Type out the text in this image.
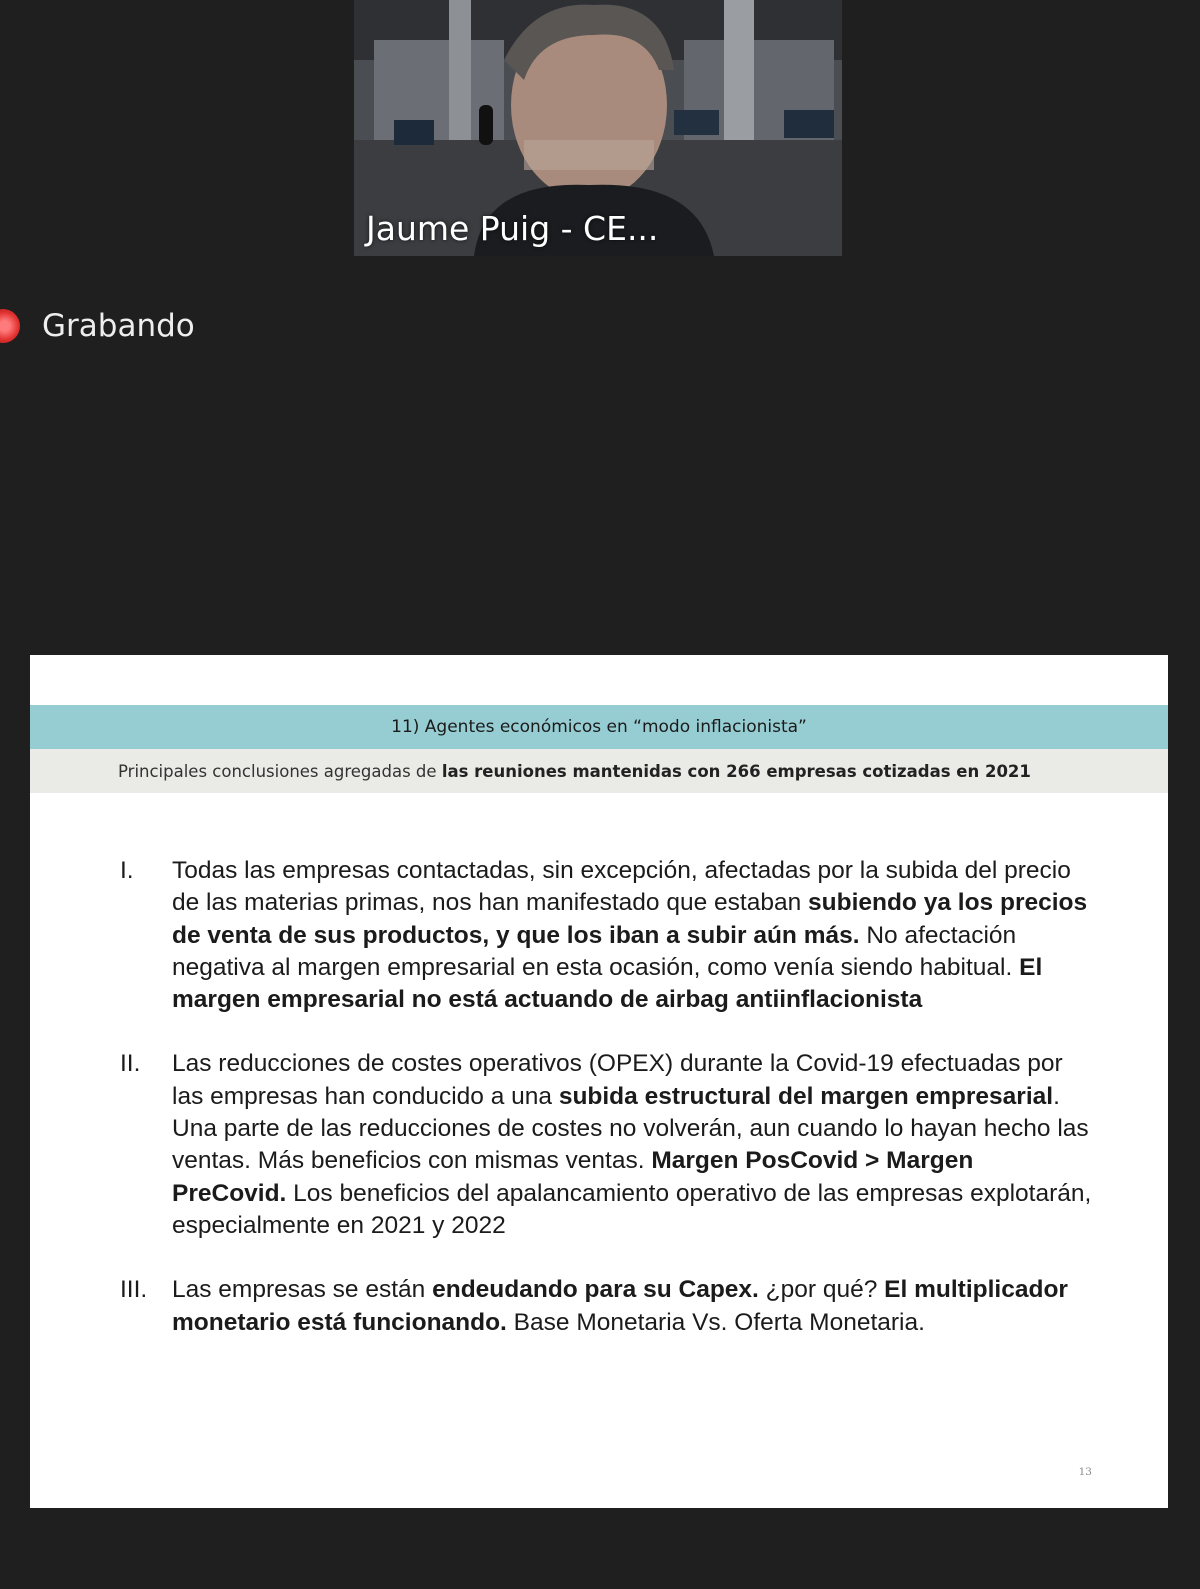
Jaume Puig - CE...
Grabando
11) Agentes económicos en “modo inflacionista”
Principales conclusiones agregadas de las reuniones mantenidas con 266 empresas cotizadas en 2021
I.	Todas las empresas contactadas, sin excepción, afectadas por la subida del precio de las materias primas, nos han manifestado que estaban subiendo ya los precios de venta de sus productos, y que los iban a subir aún más. No afectación negativa al margen empresarial en esta ocasión, como venía siendo habitual. El margen empresarial no está actuando de airbag antiinflacionista
II.	Las reducciones de costes operativos (OPEX) durante la Covid-19 efectuadas por las empresas han conducido a una subida estructural del margen empresarial. Una parte de las reducciones de costes no volverán, aun cuando lo hayan hecho las ventas. Más beneficios con mismas ventas. Margen PosCovid > Margen PreCovid. Los beneficios del apalancamiento operativo de las empresas explotarán, especialmente en 2021 y 2022
III.	Las empresas se están endeudando para su Capex. ¿por qué? El multiplicador monetario está funcionando. Base Monetaria Vs. Oferta Monetaria.
13
